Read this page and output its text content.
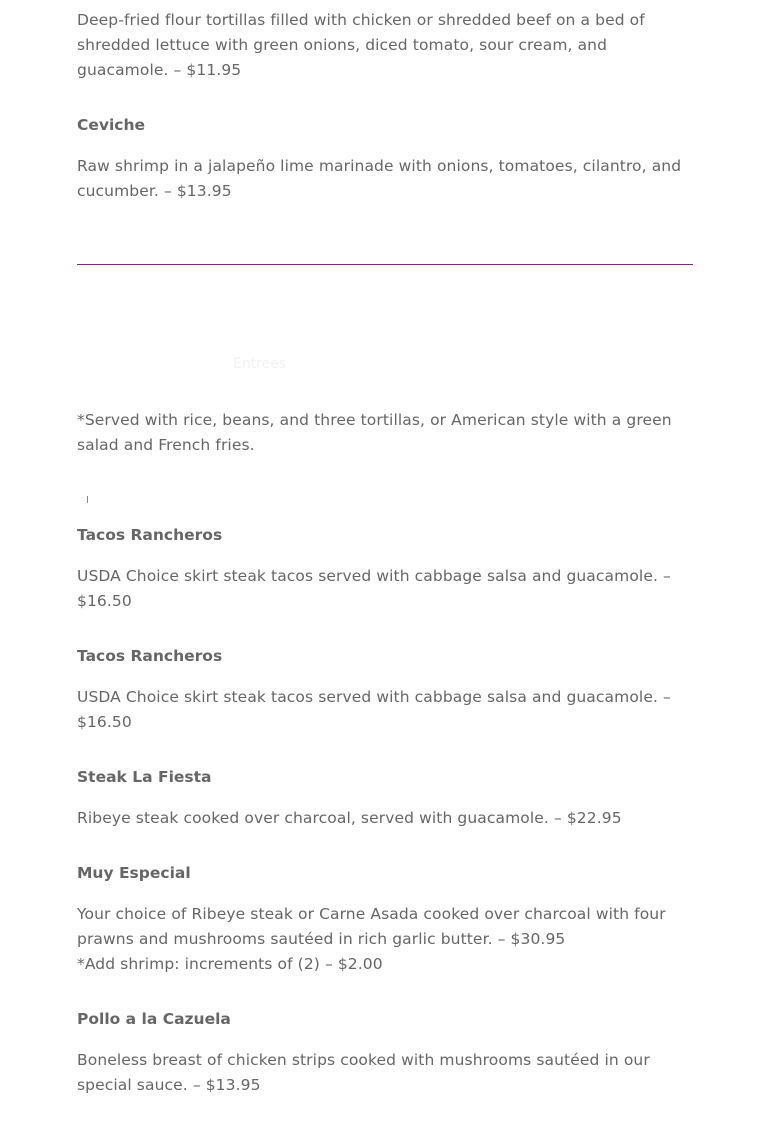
Deep-fried flour tortillas filled with chicken or shredded beef on a bed of shredded lettuce with green onions, diced tomato, sour cream, and guacamole. – $11.95

Ceviche

Raw shrimp in a jalapeño lime marinade with onions, tomatoes, cilantro, and cucumber. – $13.95

Entrees

*Served with rice, beans, and three tortillas, or American style with a green salad and French fries.

Tacos Rancheros

USDA Choice skirt steak tacos served with cabbage salsa and guacamole. – $16.50

Tacos Rancheros

USDA Choice skirt steak tacos served with cabbage salsa and guacamole. – $16.50

Steak La Fiesta

Ribeye steak cooked over charcoal, served with guacamole. – $22.95

Muy Especial

Your choice of Ribeye steak or Carne Asada cooked over charcoal with four prawns and mushrooms sautéed in rich garlic butter. – $30.95

*Add shrimp: increments of (2) – $2.00

Pollo a la Cazuela

Boneless breast of chicken strips cooked with mushrooms sautéed in our special sauce. – $13.95
